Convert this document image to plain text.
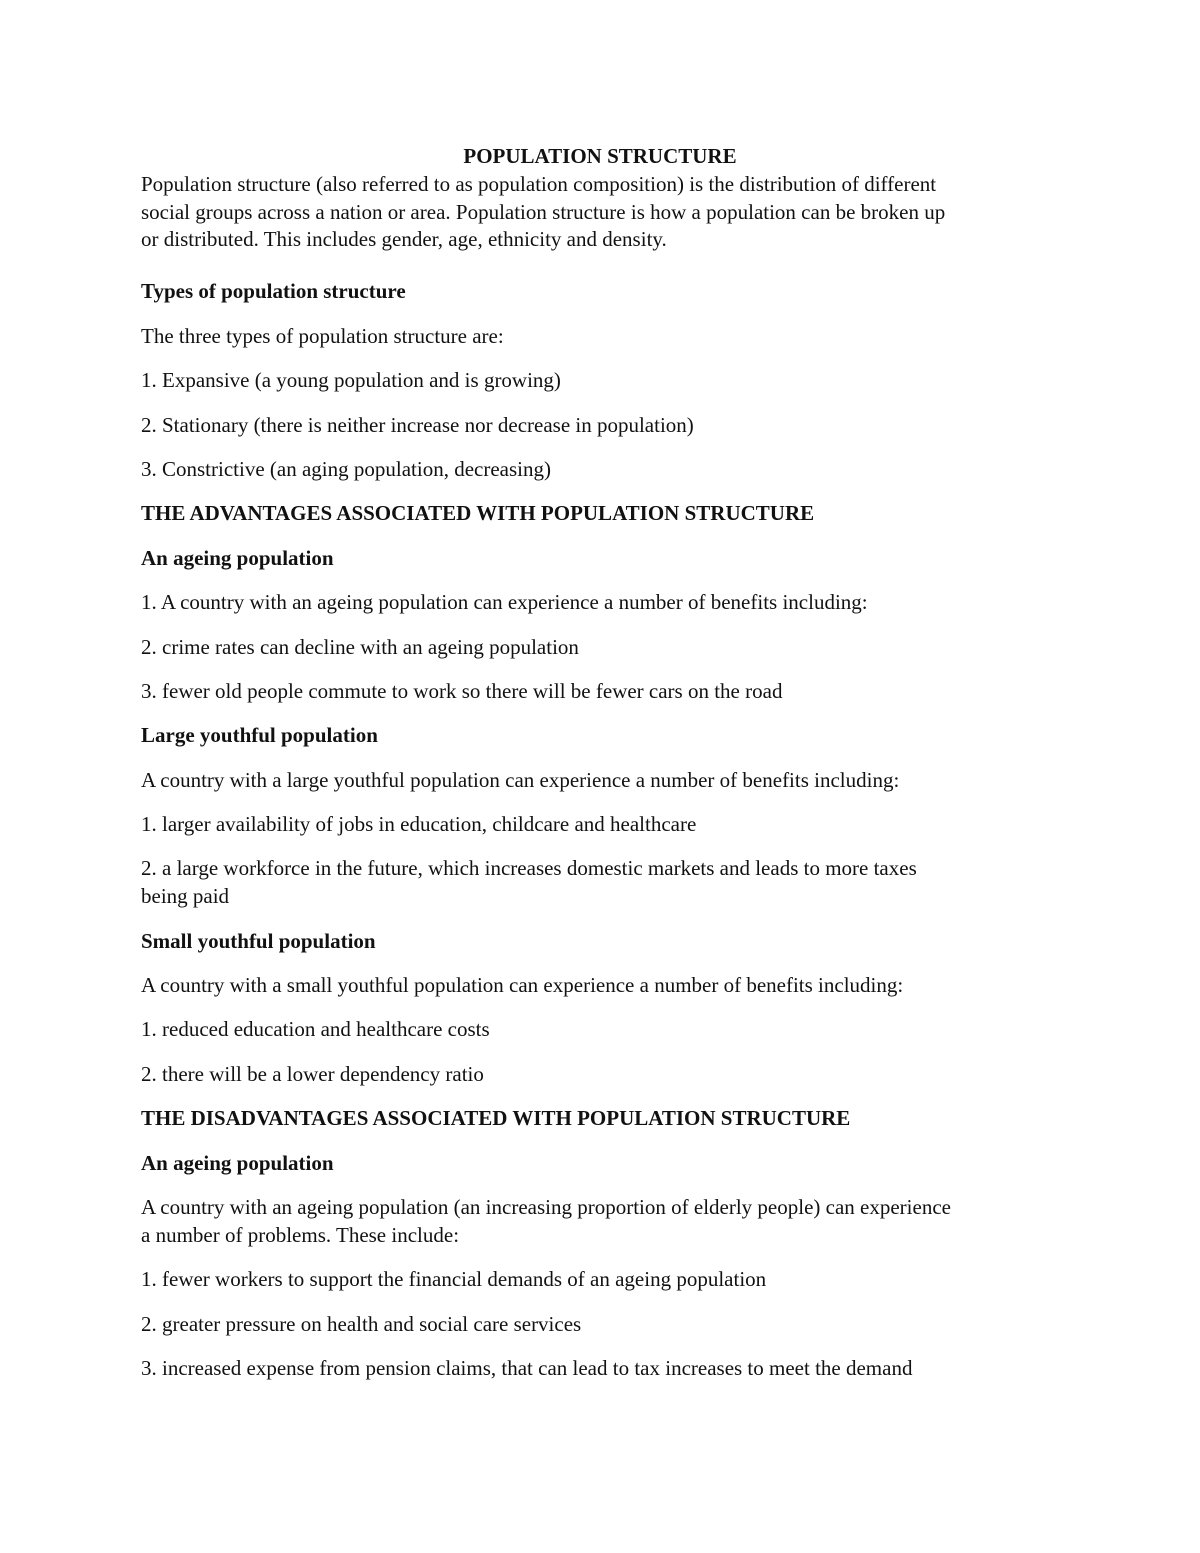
POPULATION STRUCTURE

Population structure (also referred to as population composition) is the distribution of different

social groups across a nation or area. Population structure is how a population can be broken up

or distributed. This includes gender, age, ethnicity and density.

Types of population structure

The three types of population structure are:

1. Expansive (a young population and is growing)

2. Stationary (there is neither increase nor decrease in population)

3. Constrictive (an aging population, decreasing)

THE ADVANTAGES ASSOCIATED WITH POPULATION STRUCTURE

An ageing population

1. A country with an ageing population can experience a number of benefits including:

2. crime rates can decline with an ageing population

3. fewer old people commute to work so there will be fewer cars on the road

Large youthful population

A country with a large youthful population can experience a number of benefits including:

1. larger availability of jobs in education, childcare and healthcare

2. a large workforce in the future, which increases domestic markets and leads to more taxes

being paid

Small youthful population

A country with a small youthful population can experience a number of benefits including:

1. reduced education and healthcare costs

2. there will be a lower dependency ratio

THE DISADVANTAGES ASSOCIATED WITH POPULATION STRUCTURE

An ageing population

A country with an ageing population (an increasing proportion of elderly people) can experience

a number of problems. These include:

1. fewer workers to support the financial demands of an ageing population

2. greater pressure on health and social care services

3. increased expense from pension claims, that can lead to tax increases to meet the demand
